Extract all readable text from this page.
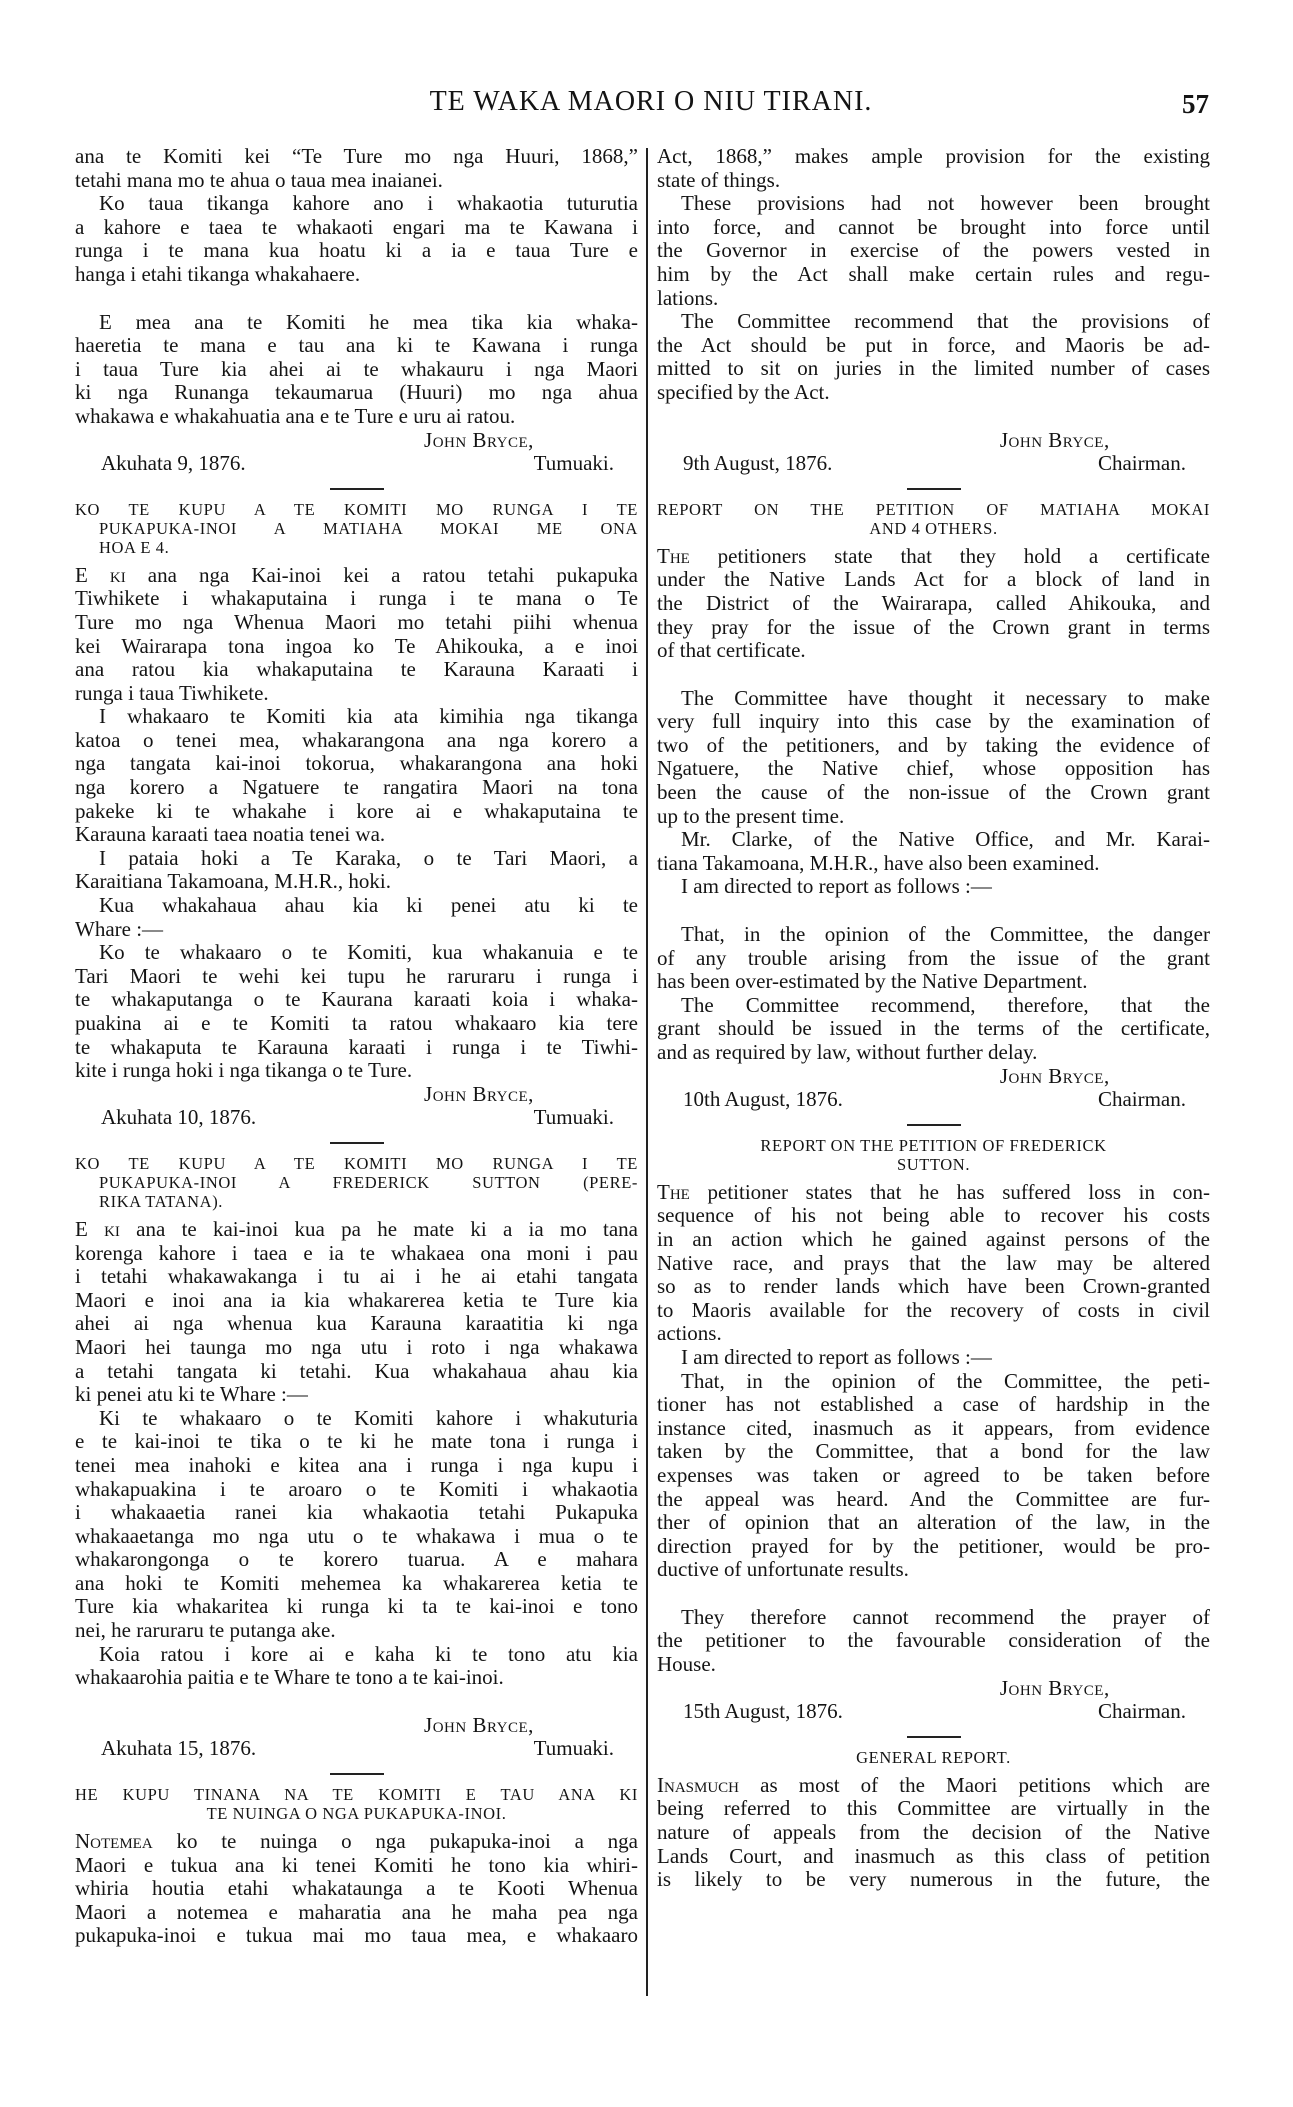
TE WAKA MAORI O NIU TIRANI.	57
ana te Komiti kei “Te Ture mo nga Huuri, 1868,”
tetahi mana mo te ahua o taua mea inaianei.
Ko taua tikanga kahore ano i whakaotia tuturutia
a kahore e taea te whakaoti engari ma te Kawana i
runga i te mana kua hoatu ki a ia e taua Ture e
hanga i etahi tikanga whakahaere.
E mea ana te Komiti he mea tika kia whaka-
haeretia te mana e tau ana ki te Kawana i runga
i taua Ture kia ahei ai te whakauru i nga Maori
ki nga Runanga tekaumarua (Huuri) mo nga ahua
whakawa e whakahuatia ana e te Ture e uru ai ratou.
John Bryce,
Akuhata 9, 1876.	Tumuaki.
KO TE KUPU A TE KOMITI MO RUNGA I TE
PUKAPUKA-INOI A MATIAHA MOKAI ME ONA
HOA E 4.
E ki ana nga Kai-inoi kei a ratou tetahi pukapuka
Tiwhikete i whakaputaina i runga i te mana o Te
Ture mo nga Whenua Maori mo tetahi piihi whenua
kei Wairarapa tona ingoa ko Te Ahikouka, a e inoi
ana ratou kia whakaputaina te Karauna Karaati i
runga i taua Tiwhikete.
I whakaaro te Komiti kia ata kimihia nga tikanga
katoa o tenei mea, whakarangona ana nga korero a
nga tangata kai-inoi tokorua, whakarangona ana hoki
nga korero a Ngatuere te rangatira Maori na tona
pakeke ki te whakahe i kore ai e whakaputaina te
Karauna karaati taea noatia tenei wa.
I pataia hoki a Te Karaka, o te Tari Maori, a
Karaitiana Takamoana, M.H.R., hoki.
Kua whakahaua ahau kia ki penei atu ki te
Whare :—
Ko te whakaaro o te Komiti, kua whakanuia e te
Tari Maori te wehi kei tupu he raruraru i runga i
te whakaputanga o te Kaurana karaati koia i whaka-
puakina ai e te Komiti ta ratou whakaaro kia tere
te whakaputa te Karauna karaati i runga i te Tiwhi-
kite i runga hoki i nga tikanga o te Ture.
John Bryce,
Akuhata 10, 1876.	Tumuaki.
KO TE KUPU A TE KOMITI MO RUNGA I TE
PUKAPUKA-INOI A FREDERICK SUTTON (PERE-
RIKA TATANA).
E ki ana te kai-inoi kua pa he mate ki a ia mo tana
korenga kahore i taea e ia te whakaea ona moni i pau
i tetahi whakawakanga i tu ai i he ai etahi tangata
Maori e inoi ana ia kia whakarerea ketia te Ture kia
ahei ai nga whenua kua Karauna karaatitia ki nga
Maori hei taunga mo nga utu i roto i nga whakawa
a tetahi tangata ki tetahi. Kua whakahaua ahau kia
ki penei atu ki te Whare :—
Ki te whakaaro o te Komiti kahore i whakuturia
e te kai-inoi te tika o te ki he mate tona i runga i
tenei mea inahoki e kitea ana i runga i nga kupu i
whakapuakina i te aroaro o te Komiti i whakaotia
i whakaaetia ranei kia whakaotia tetahi Pukapuka
whakaaetanga mo nga utu o te whakawa i mua o te
whakarongonga o te korero tuarua. A e mahara
ana hoki te Komiti mehemea ka whakarerea ketia te
Ture kia whakaritea ki runga ki ta te kai-inoi e tono
nei, he raruraru te putanga ake.
Koia ratou i kore ai e kaha ki te tono atu kia
whakaarohia paitia e te Whare te tono a te kai-inoi.
John Bryce,
Akuhata 15, 1876.	Tumuaki.
HE KUPU TINANA NA TE KOMITI E TAU ANA KI
TE NUINGA O NGA PUKAPUKA-INOI.
Notemea ko te nuinga o nga pukapuka-inoi a nga
Maori e tukua ana ki tenei Komiti he tono kia whiri-
whiria houtia etahi whakataunga a te Kooti Whenua
Maori a notemea e maharatia ana he maha pea nga
pukapuka-inoi e tukua mai mo taua mea, e whakaaro
Act, 1868,” makes ample provision for the existing
state of things.
These provisions had not however been brought
into force, and cannot be brought into force until
the Governor in exercise of the powers vested in
him by the Act shall make certain rules and regu-
lations.
The Committee recommend that the provisions of
the Act should be put in force, and Maoris be ad-
mitted to sit on juries in the limited number of cases
specified by the Act.
John Bryce,
9th August, 1876.	Chairman.
REPORT ON THE PETITION OF MATIAHA MOKAI
AND 4 OTHERS.
The petitioners state that they hold a certificate
under the Native Lands Act for a block of land in
the District of the Wairarapa, called Ahikouka, and
they pray for the issue of the Crown grant in terms
of that certificate.
The Committee have thought it necessary to make
very full inquiry into this case by the examination of
two of the petitioners, and by taking the evidence of
Ngatuere, the Native chief, whose opposition has
been the cause of the non-issue of the Crown grant
up to the present time.
Mr. Clarke, of the Native Office, and Mr. Karai-
tiana Takamoana, M.H.R., have also been examined.
I am directed to report as follows :—
That, in the opinion of the Committee, the danger
of any trouble arising from the issue of the grant
has been over-estimated by the Native Department.
The Committee recommend, therefore, that the
grant should be issued in the terms of the certificate,
and as required by law, without further delay.
John Bryce,
10th August, 1876.	Chairman.
REPORT ON THE PETITION OF FREDERICK
SUTTON.
The petitioner states that he has suffered loss in con-
sequence of his not being able to recover his costs
in an action which he gained against persons of the
Native race, and prays that the law may be altered
so as to render lands which have been Crown-granted
to Maoris available for the recovery of costs in civil
actions.
I am directed to report as follows :—
That, in the opinion of the Committee, the peti-
tioner has not established a case of hardship in the
instance cited, inasmuch as it appears, from evidence
taken by the Committee, that a bond for the law
expenses was taken or agreed to be taken before
the appeal was heard. And the Committee are fur-
ther of opinion that an alteration of the law, in the
direction prayed for by the petitioner, would be pro-
ductive of unfortunate results.
They therefore cannot recommend the prayer of
the petitioner to the favourable consideration of the
House.
John Bryce,
15th August, 1876.	Chairman.
GENERAL REPORT.
Inasmuch as most of the Maori petitions which are
being referred to this Committee are virtually in the
nature of appeals from the decision of the Native
Lands Court, and inasmuch as this class of petition
is likely to be very numerous in the future, the
